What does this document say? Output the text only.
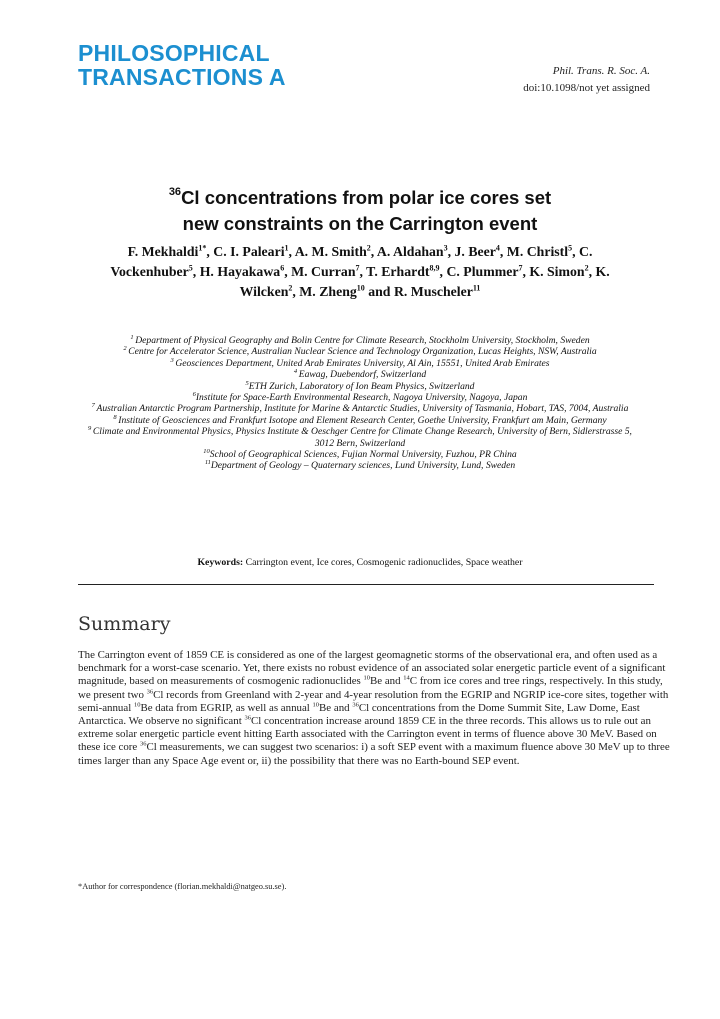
PHILOSOPHICAL
TRANSACTIONS A	Phil. Trans. R. Soc. A.
doi:10.1098/not yet assigned
$^{36}$Cl concentrations from polar ice cores set
new constraints on the Carrington event
F. Mekhaldi$^{1*}$, C. I. Paleari$^1$, A. M. Smith$^2$, A. Aldahan$^3$, J. Beer$^4$, M. Christl$^5$, C. Vockenhuber$^5$, H. Hayakawa$^6$, M. Curran$^7$, T. Erhardt$^{8,9}$, C. Plummer$^7$, K. Simon$^2$, K. Wilcken$^2$, M. Zheng$^{10}$ and R. Muscheler$^{11}$
$^1$ Department of Physical Geography and Bolin Centre for Climate Research, Stockholm University, Stockholm, Sweden
$^2$ Centre for Accelerator Science, Australian Nuclear Science and Technology Organization, Lucas Heights, NSW, Australia
$^3$ Geosciences Department, United Arab Emirates University, Al Ain, 15551, United Arab Emirates
$^4$ Eawag, Duebendorf, Switzerland
$^5$ETH Zurich, Laboratory of Ion Beam Physics, Switzerland
$^6$Institute for Space-Earth Environmental Research, Nagoya University, Nagoya, Japan
$^7$ Australian Antarctic Program Partnership, Institute for Marine & Antarctic Studies, University of Tasmania, Hobart, TAS, 7004, Australia
$^8$ Institute of Geosciences and Frankfurt Isotope and Element Research Center, Goethe University, Frankfurt am Main, Germany
$^9$ Climate and Environmental Physics, Physics Institute & Oeschger Centre for Climate Change Research, University of Bern, Sidlerstrasse 5, 3012 Bern, Switzerland
$^{10}$School of Geographical Sciences, Fujian Normal University, Fuzhou, PR China
$^{11}$Department of Geology – Quaternary sciences, Lund University, Lund, Sweden
Keywords: Carrington event, Ice cores, Cosmogenic radionuclides, Space weather
Summary
The Carrington event of 1859 CE is considered as one of the largest geomagnetic storms of the observational era, and often used as a benchmark for a worst-case scenario. Yet, there exists no robust evidence of an associated solar energetic particle event of a significant magnitude, based on measurements of cosmogenic radionuclides $^{10}$Be and $^{14}$C from ice cores and tree rings, respectively. In this study, we present two $^{36}$Cl records from Greenland with 2-year and 4-year resolution from the EGRIP and NGRIP ice-core sites, together with semi-annual $^{10}$Be data from EGRIP, as well as annual $^{10}$Be and $^{36}$Cl concentrations from the Dome Summit Site, Law Dome, East Antarctica. We observe no significant $^{36}$Cl concentration increase around 1859 CE in the three records. This allows us to rule out an extreme solar energetic particle event hitting Earth associated with the Carrington event in terms of fluence above 30 MeV. Based on these ice core $^{36}$Cl measurements, we can suggest two scenarios: i) a soft SEP event with a maximum fluence above 30 MeV up to three times larger than any Space Age event or, ii) the possibility that there was no Earth-bound SEP event.
*Author for correspondence (florian.mekhaldi@natgeo.su.se).
